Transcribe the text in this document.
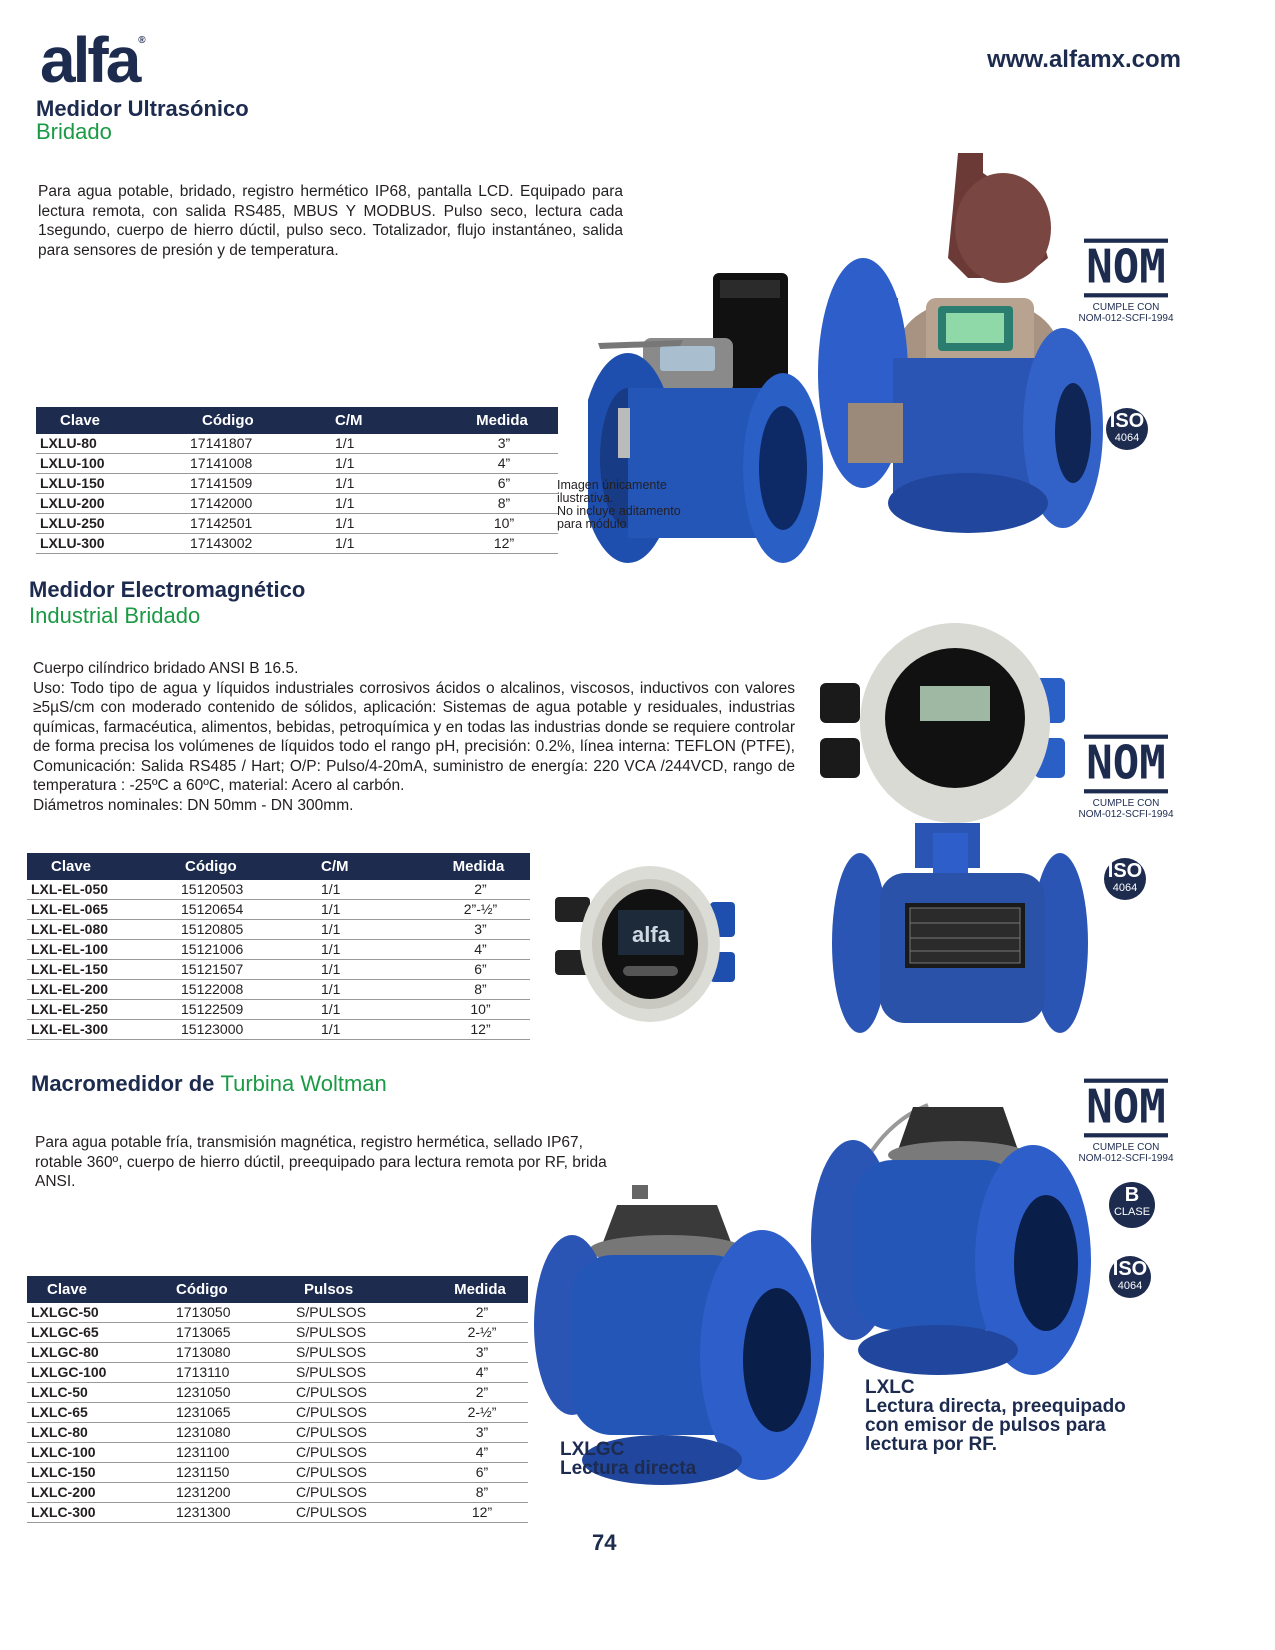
alfa®
www.alfamx.com
Medidor Ultrasónico
Bridado
Para agua potable, bridado, registro hermético IP68, pantalla LCD. Equipado para lectura remota, con salida RS485, MBUS Y MODBUS. Pulso seco, lectura cada 1segundo, cuerpo de hierro dúctil, pulso seco. Totalizador, flujo instantáneo, salida para sensores de presión y de temperatura.
Clave	Código	C/M	Medida
LXLU-80	17141807	1/1	3”
LXLU-100	17141008	1/1	4”
LXLU-150	17141509	1/1	6”
LXLU-200	17142000	1/1	8”
LXLU-250	17142501	1/1	10”
LXLU-300	17143002	1/1	12”
Imagen únicamente
ilustrativa.
No incluye aditamento
para módulo
NOM
CUMPLE CON
NOM-012-SCFI-1994
ISO
4064
Medidor Electromagnético
Industrial Bridado
Cuerpo cilíndrico bridado ANSI B 16.5.
Uso: Todo tipo de agua y líquidos industriales corrosivos ácidos o alcalinos, viscosos, inductivos con valores ≥5µS/cm con moderado contenido de sólidos, aplicación: Sistemas de agua potable y residuales, industrias químicas, farmacéutica, alimentos, bebidas, petroquímica y en todas las industrias donde se requiere controlar de forma precisa los volúmenes de líquidos todo el rango pH, precisión: 0.2%, línea interna: TEFLON (PTFE), Comunicación: Salida RS485 / Hart; O/P: Pulso/4-20mA, suministro de energía: 220 VCA /244VCD, rango de temperatura : -25ºC a 60ºC, material: Acero al carbón.
Diámetros nominales: DN 50mm - DN 300mm.
Clave	Código	C/M	Medida
LXL-EL-050	15120503	1/1	2”
LXL-EL-065	15120654	1/1	2”-½”
LXL-EL-080	15120805	1/1	3”
LXL-EL-100	15121006	1/1	4”
LXL-EL-150	15121507	1/1	6”
LXL-EL-200	15122008	1/1	8”
LXL-EL-250	15122509	1/1	10”
LXL-EL-300	15123000	1/1	12”
alfa
NOM
CUMPLE CON
NOM-012-SCFI-1994
ISO
4064
Macromedidor de Turbina Woltman
Para agua potable fría, transmisión magnética, registro hermética, sellado IP67, rotable 360º, cuerpo de hierro dúctil, preequipado para lectura remota por RF, brida ANSI.
Clave	Código	Pulsos	Medida
LXLGC-50	1713050	S/PULSOS	2”
LXLGC-65	1713065	S/PULSOS	2-½”
LXLGC-80	1713080	S/PULSOS	3”
LXLGC-100	1713110	S/PULSOS	4”
LXLC-50	1231050	C/PULSOS	2”
LXLC-65	1231065	C/PULSOS	2-½”
LXLC-80	1231080	C/PULSOS	3”
LXLC-100	1231100	C/PULSOS	4”
LXLC-150	1231150	C/PULSOS	6”
LXLC-200	1231200	C/PULSOS	8”
LXLC-300	1231300	C/PULSOS	12”
LXLGC
Lectura directa
LXLC
Lectura directa, preequipado
con emisor de pulsos para
lectura por RF.
NOM
CUMPLE CON
NOM-012-SCFI-1994
B
CLASE
ISO
4064
74
